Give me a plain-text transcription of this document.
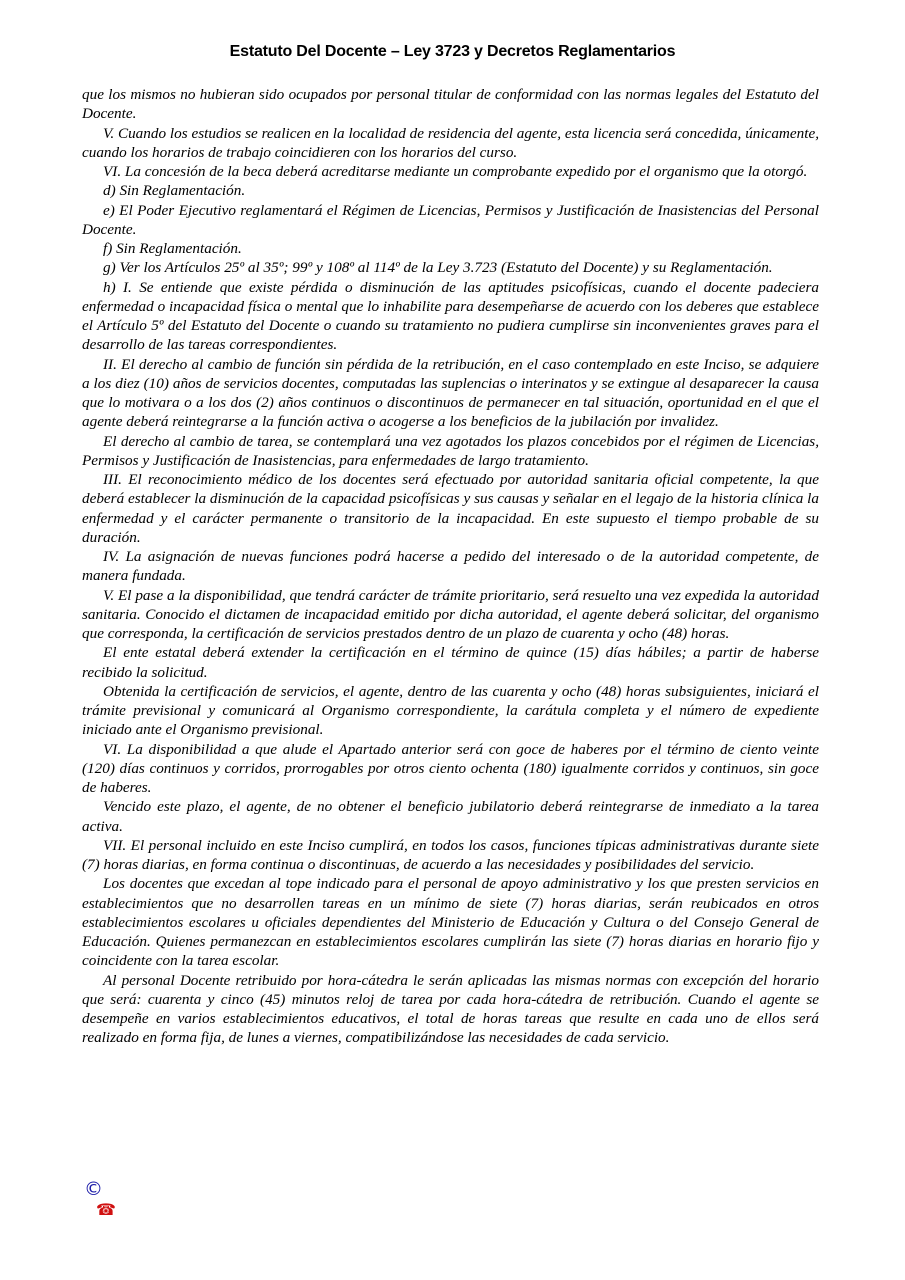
Estatuto Del Docente – Ley 3723 y Decretos Reglamentarios

que los mismos no hubieran sido ocupados por personal titular de conformidad con las normas legales del Estatuto del Docente.

V. Cuando los estudios se realicen en la localidad de residencia del agente, esta licencia será concedida, únicamente, cuando los horarios de trabajo coincidieren con los horarios del curso.

VI. La concesión de la beca deberá acreditarse mediante un comprobante expedido por el organismo que la otorgó.

d) Sin Reglamentación.

e) El Poder Ejecutivo reglamentará el Régimen de Licencias, Permisos y Justificación de Inasistencias del Personal Docente.

f) Sin Reglamentación.

g) Ver los Artículos 25º al 35º; 99º y 108º al 114º de la Ley 3.723 (Estatuto del Docente) y su Reglamentación.

h) I. Se entiende que existe pérdida o disminución de las aptitudes psicofísicas, cuando el docente padeciera enfermedad o incapacidad física o mental que lo inhabilite para desempeñarse de acuerdo con los deberes que establece el Artículo 5º del Estatuto del Docente o cuando su tratamiento no pudiera cumplirse sin inconvenientes graves para el desarrollo de las tareas correspondientes.

II. El derecho al cambio de función sin pérdida de la retribución, en el caso contemplado en este Inciso, se adquiere a los diez (10) años de servicios docentes, computadas las suplencias o interinatos y se extingue al desaparecer la causa que lo motivara o a los dos (2) años continuos o discontinuos de permanecer en tal situación, oportunidad en el que el agente deberá reintegrarse a la función activa o acogerse a los beneficios de la jubilación por invalidez.

El derecho al cambio de tarea, se contemplará una vez agotados los plazos concebidos por el régimen de Licencias, Permisos y Justificación de Inasistencias, para enfermedades de largo tratamiento.

III. El reconocimiento médico de los docentes será efectuado por autoridad sanitaria oficial competente, la que deberá establecer la disminución de la capacidad psicofísicas y sus causas y señalar en el legajo de la historia clínica la enfermedad y el carácter permanente o transitorio de la incapacidad. En este supuesto el tiempo probable de su duración.

IV. La asignación de nuevas funciones podrá hacerse a pedido del interesado o de la autoridad competente, de manera fundada.

V. El pase a la disponibilidad, que tendrá carácter de trámite prioritario, será resuelto una vez expedida la autoridad sanitaria. Conocido el dictamen de incapacidad emitido por dicha autoridad, el agente deberá solicitar, del organismo que corresponda, la certificación de servicios prestados dentro de un plazo de cuarenta y ocho (48) horas.

El ente estatal deberá extender la certificación en el término de quince (15) días hábiles; a partir de haberse recibido la solicitud.

Obtenida la certificación de servicios, el agente, dentro de las cuarenta y ocho (48) horas subsiguientes, iniciará el trámite previsional y comunicará al Organismo correspondiente, la carátula completa y el número de expediente iniciado ante el Organismo previsional.

VI. La disponibilidad a que alude el Apartado anterior será con goce de haberes por el término de ciento veinte (120) días continuos y corridos, prorrogables por otros ciento ochenta (180) igualmente corridos y continuos, sin goce de haberes.

Vencido este plazo, el agente, de no obtener el beneficio jubilatorio deberá reintegrarse de inmediato a la tarea activa.

VII. El personal incluido en este Inciso cumplirá, en todos los casos, funciones típicas administrativas durante siete (7) horas diarias, en forma continua o discontinuas, de acuerdo a las necesidades y posibilidades del servicio.

Los docentes que excedan al tope indicado para el personal de apoyo administrativo y los que presten servicios en establecimientos que no desarrollen tareas en un mínimo de siete (7) horas diarias, serán reubicados en otros establecimientos escolares u oficiales dependientes del Ministerio de Educación y Cultura o del Consejo General de Educación. Quienes permanezcan en establecimientos escolares cumplirán las siete (7) horas diarias en horario fijo y coincidente con la tarea escolar.

Al personal Docente retribuido por hora-cátedra le serán aplicadas las mismas normas con excepción del horario que será: cuarenta y cinco (45) minutos reloj de tarea por cada hora-cátedra de retribución. Cuando el agente se desempeñe en varios establecimientos educativos, el total de horas tareas que resulte en cada uno de ellos será realizado en forma fija, de lunes a viernes, compatibilizándose las necesidades de cada servicio.

©
☎
